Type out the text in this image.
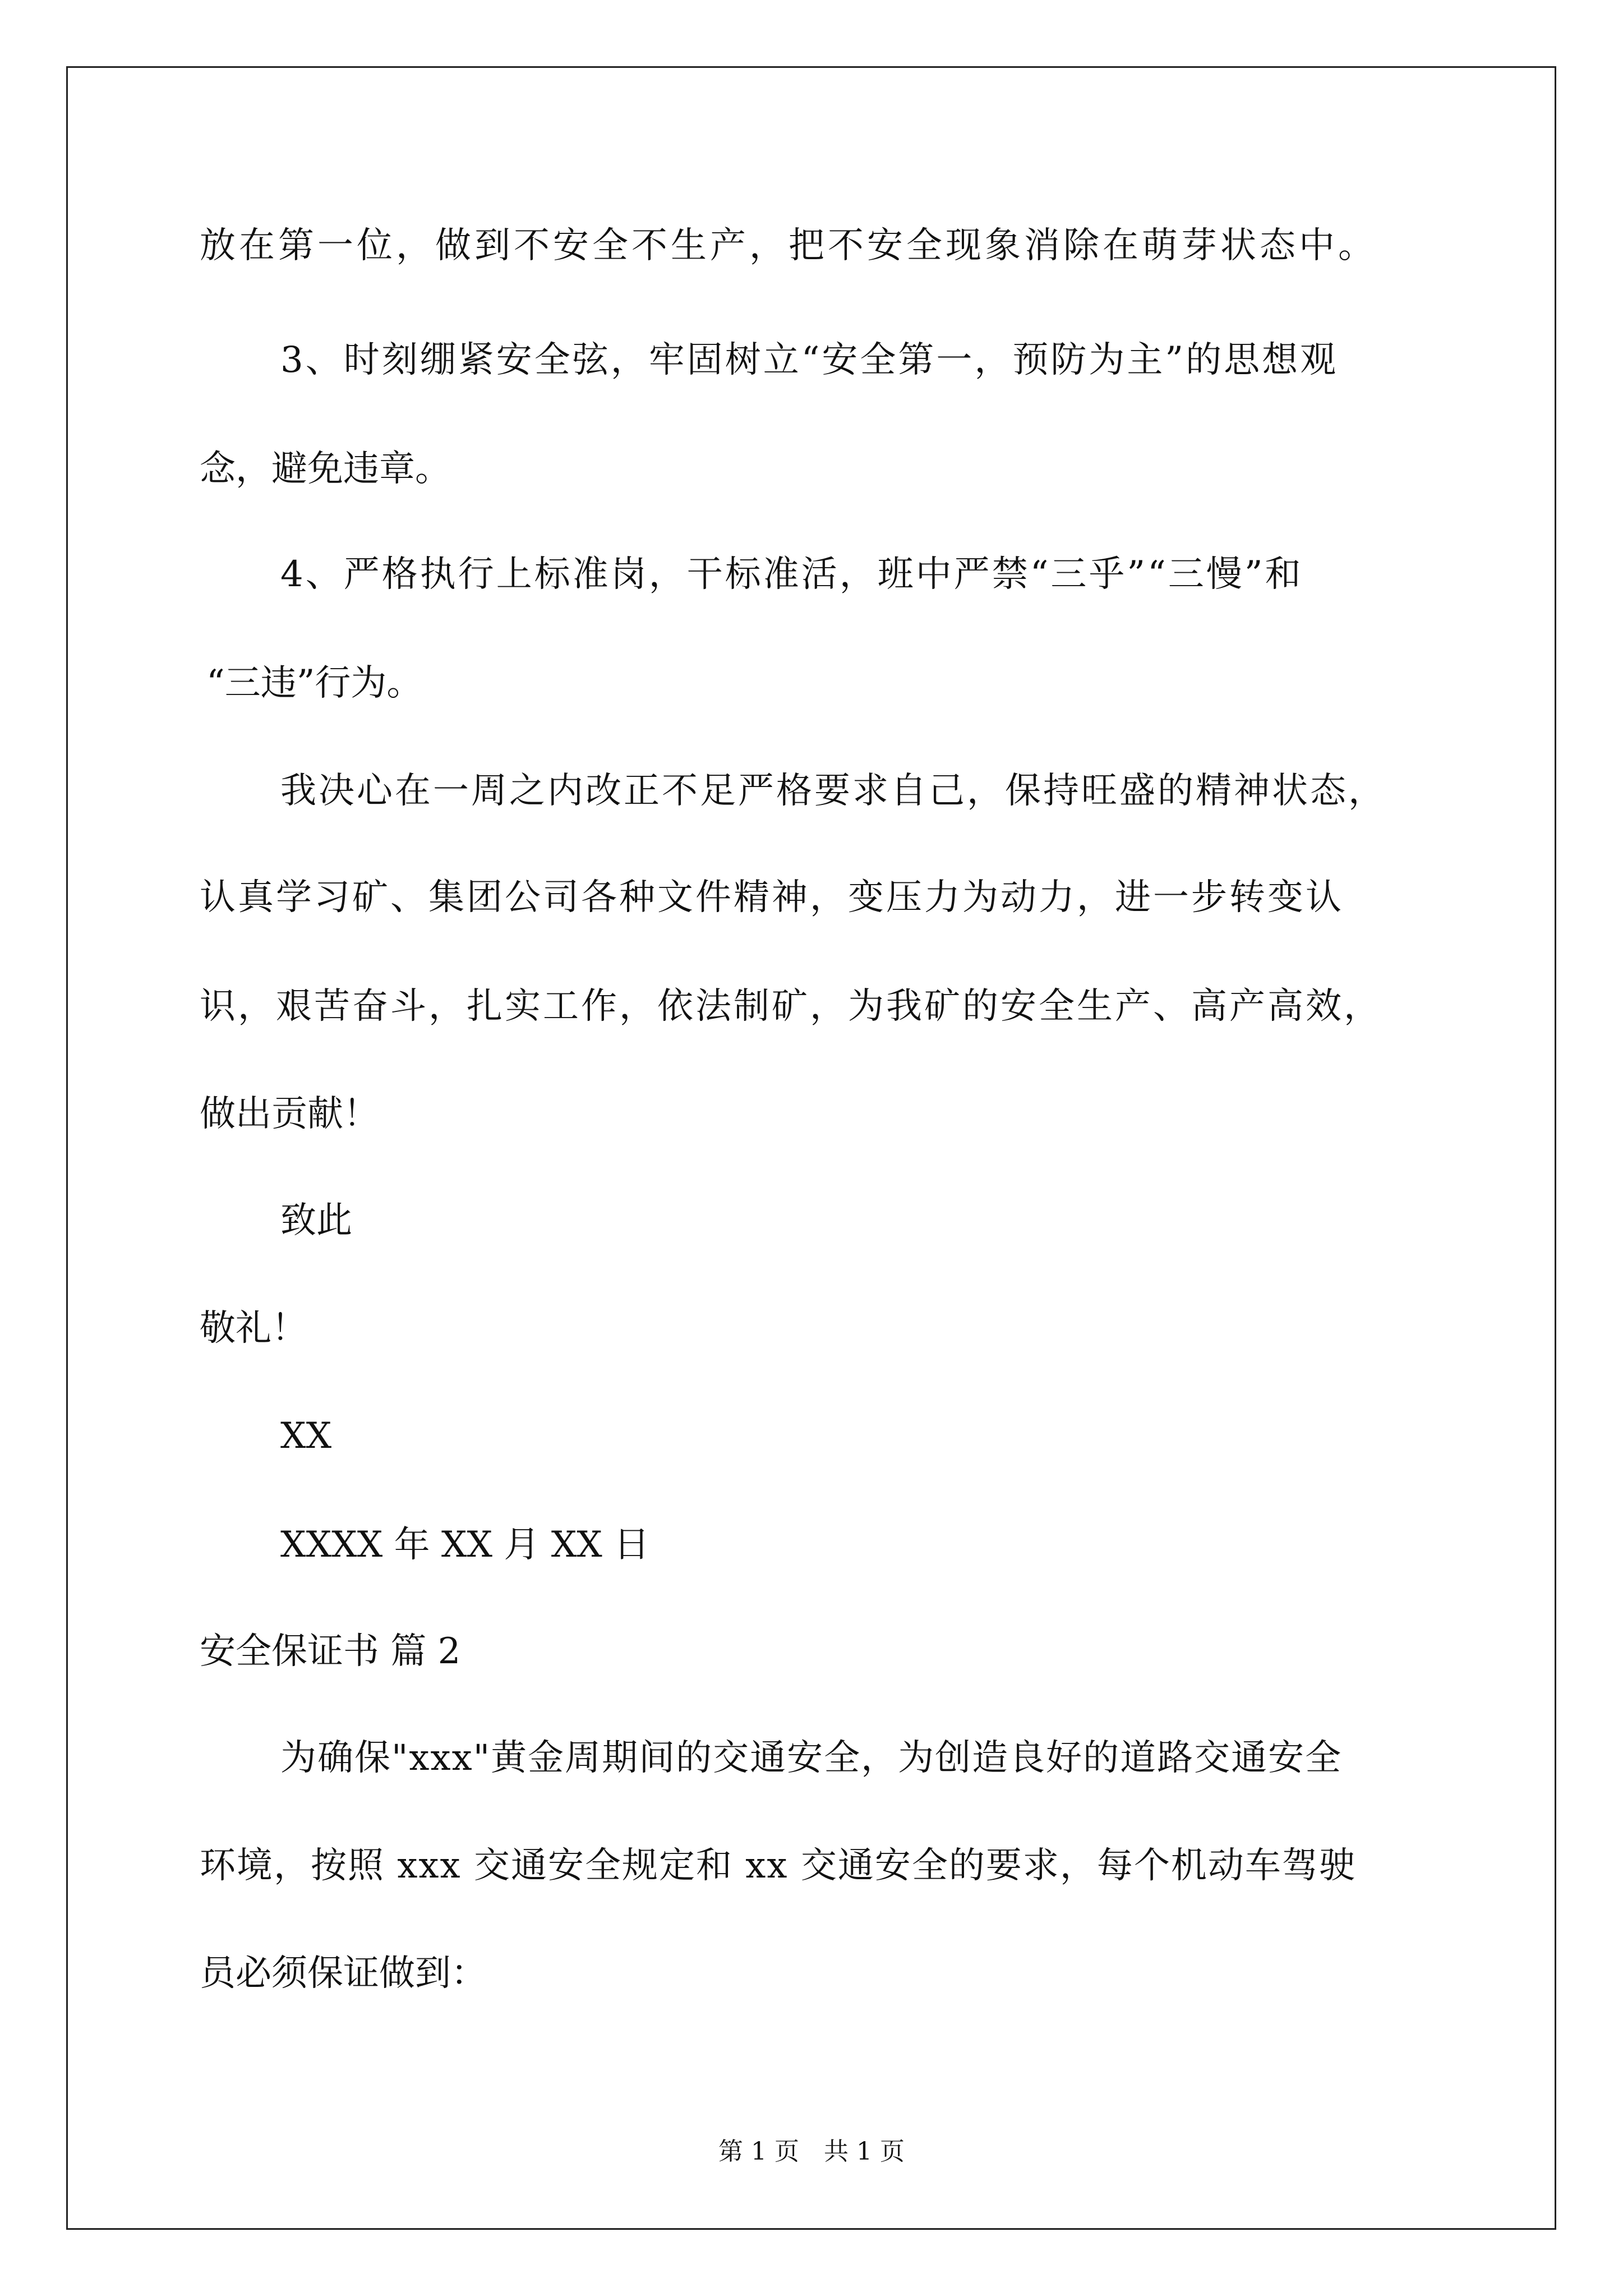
放在第一位，做到不安全不生产，把不安全现象消除在萌芽状态中。
3、时刻绷紧安全弦，牢固树立“安全第一，预防为主”的思想观
念，避免违章。
4、严格执行上标准岗，干标准活，班中严禁“三乎”“三慢”和
“三违”行为。
我决心在一周之内改正不足严格要求自己，保持旺盛的精神状态，
认真学习矿、集团公司各种文件精神，变压力为动力，进一步转变认
识，艰苦奋斗，扎实工作，依法制矿，为我矿的安全生产、高产高效，
做出贡献！
致此
敬礼！
XX
XXXX 年 XX 月 XX 日
安全保证书 篇 2
为确保"xxx"黄金周期间的交通安全，为创造良好的道路交通安全
环境，按照 xxx 交通安全规定和 xx 交通安全的要求，每个机动车驾驶
员必须保证做到：
第 1 页 共 1 页
